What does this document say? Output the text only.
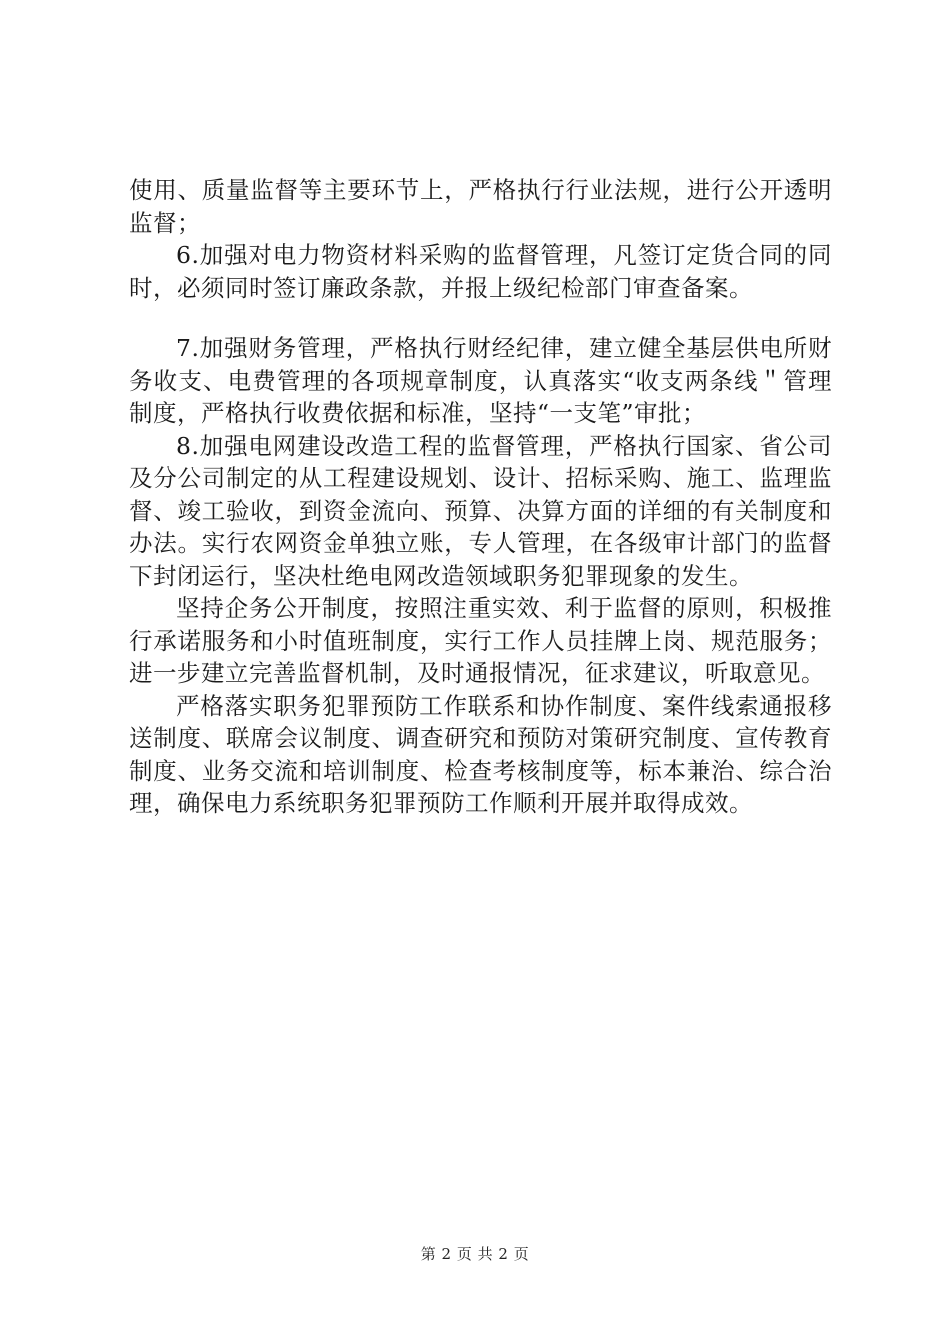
使用、质量监督等主要环节上，严格执行行业法规，进行公开透明监督；

6.加强对电力物资材料采购的监督管理，凡签订定货合同的同时，必须同时签订廉政条款，并报上级纪检部门审查备案。

7.加强财务管理，严格执行财经纪律，建立健全基层供电所财务收支、电费管理的各项规章制度，认真落实“收支两条线＂管理制度，严格执行收费依据和标准，坚持“一支笔”审批；

8.加强电网建设改造工程的监督管理，严格执行国家、省公司及分公司制定的从工程建设规划、设计、招标采购、施工、监理监督、竣工验收，到资金流向、预算、决算方面的详细的有关制度和办法。实行农网资金单独立账，专人管理，在各级审计部门的监督下封闭运行，坚决杜绝电网改造领域职务犯罪现象的发生。

坚持企务公开制度，按照注重实效、利于监督的原则，积极推行承诺服务和小时值班制度，实行工作人员挂牌上岗、规范服务；进一步建立完善监督机制，及时通报情况，征求建议，听取意见。

严格落实职务犯罪预防工作联系和协作制度、案件线索通报移送制度、联席会议制度、调查研究和预防对策研究制度、宣传教育制度、业务交流和培训制度、检查考核制度等，标本兼治、综合治理，确保电力系统职务犯罪预防工作顺利开展并取得成效。

第 2 页 共 2 页
